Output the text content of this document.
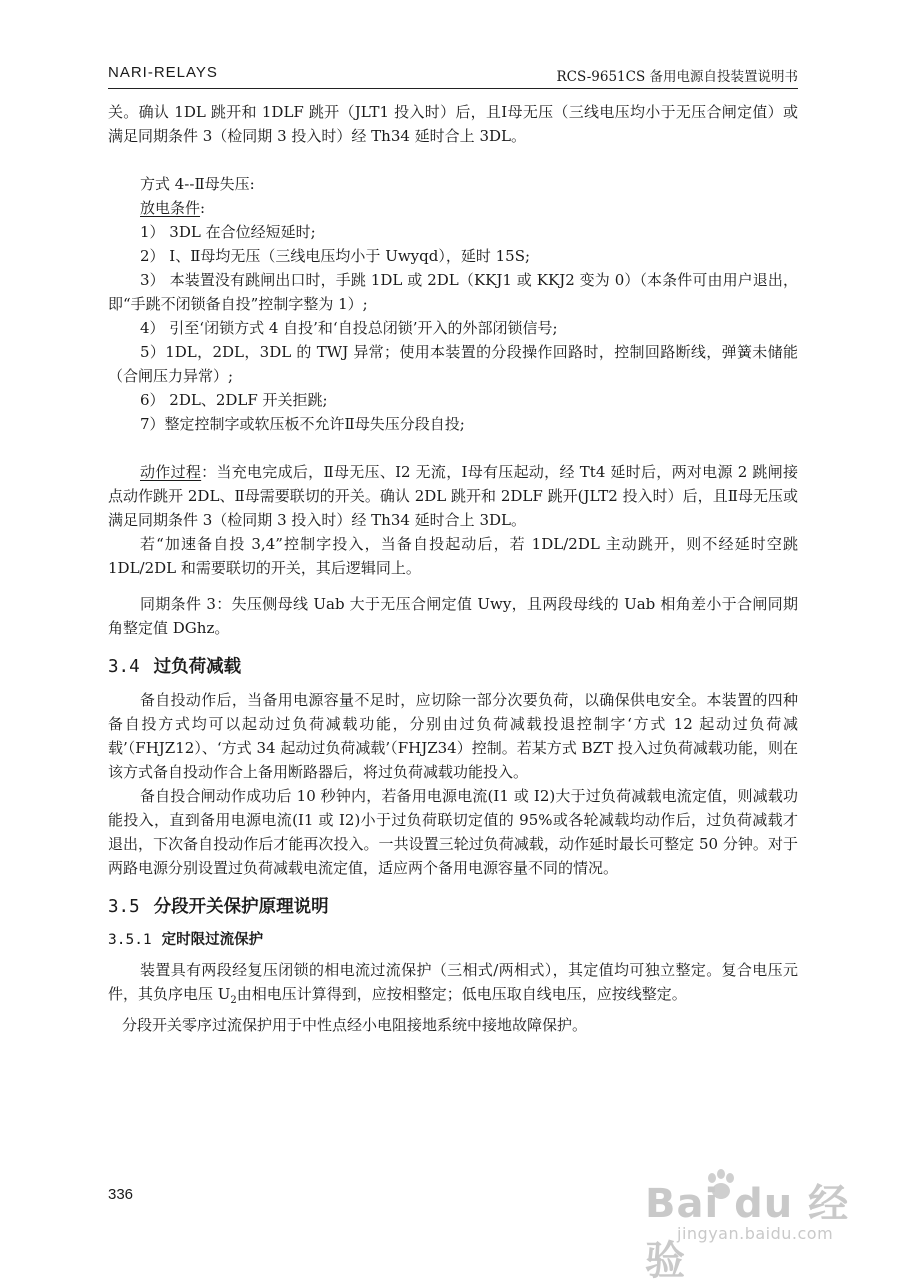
NARI-RELAYS	RCS-9651CS 备用电源自投装置说明书

关。确认 1DL 跳开和 1DLF 跳开（JLT1 投入时）后，且Ⅰ母无压（三线电压均小于无压合闸定值）或满足同期条件 3（检同期 3 投入时）经 Th34 延时合上 3DL。

方式 4--Ⅱ母失压:

放电条件:

1） 3DL 在合位经短延时;

2） Ⅰ、Ⅱ母均无压（三线电压均小于 Uwyqd），延时 15S;

3） 本装置没有跳闸出口时，手跳 1DL 或 2DL（KKJ1 或 KKJ2 变为 0）（本条件可由用户退出，即“手跳不闭锁备自投”控制字整为 1）;

4） 引至‘闭锁方式 4 自投’和‘自投总闭锁’开入的外部闭锁信号;

5）1DL，2DL，3DL 的 TWJ 异常；使用本装置的分段操作回路时，控制回路断线，弹簧未储能（合闸压力异常）;

6） 2DL、2DLF 开关拒跳;

7）整定控制字或软压板不允许Ⅱ母失压分段自投;

动作过程：当充电完成后，Ⅱ母无压、I2 无流，Ⅰ母有压起动，经 Tt4 延时后，两对电源 2 跳闸接点动作跳开 2DL、Ⅱ母需要联切的开关。确认 2DL 跳开和 2DLF 跳开(JLT2 投入时）后，且Ⅱ母无压或满足同期条件 3（检同期 3 投入时）经 Th34 延时合上 3DL。

若“加速备自投 3,4”控制字投入，当备自投起动后，若 1DL/2DL 主动跳开，则不经延时空跳 1DL/2DL 和需要联切的开关，其后逻辑同上。

同期条件 3：失压侧母线 Uab 大于无压合闸定值 Uwy，且两段母线的 Uab 相角差小于合闸同期角整定值 DGhz。

3.4 过负荷减载

备自投动作后，当备用电源容量不足时，应切除一部分次要负荷，以确保供电安全。本装置的四种备自投方式均可以起动过负荷减载功能，分别由过负荷减载投退控制字‘方式 12 起动过负荷减载’（FHJZ12）、‘方式 34 起动过负荷减载’（FHJZ34）控制。若某方式 BZT 投入过负荷减载功能，则在该方式备自投动作合上备用断路器后，将过负荷减载功能投入。

备自投合闸动作成功后 10 秒钟内，若备用电源电流(I1 或 I2)大于过负荷减载电流定值，则减载功能投入，直到备用电源电流(I1 或 I2)小于过负荷联切定值的 95%或各轮减载均动作后，过负荷减载才退出，下次备自投动作后才能再次投入。一共设置三轮过负荷减载，动作延时最长可整定 50 分钟。对于两路电源分别设置过负荷减载电流定值，适应两个备用电源容量不同的情况。

3.5 分段开关保护原理说明
3.5.1 定时限过流保护

装置具有两段经复压闭锁的相电流过流保护（三相式/两相式），其定值均可独立整定。复合电压元件，其负序电压 $U_2$由相电压计算得到，应按相整定；低电压取自线电压，应按线整定。

分段开关零序过流保护用于中性点经小电阻接地系统中接地故障保护。

336	Bai du 经验
jingyan.baidu.com
